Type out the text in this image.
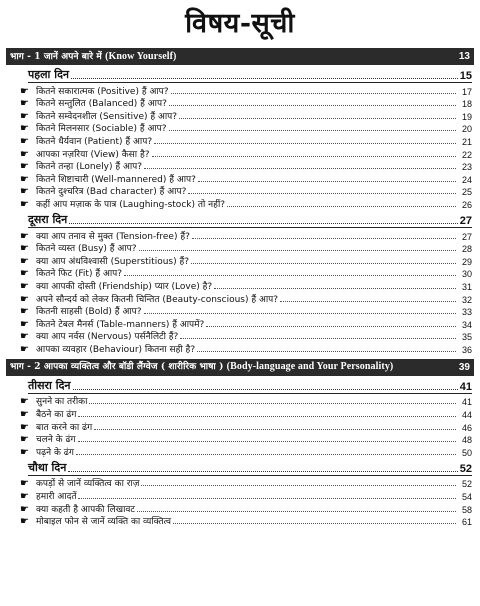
विषय-सूची
भाग - 1 जानें अपने बारे में (Know Yourself)	13
पहला दिन	15
☛ कितने सकारात्मक (Positive) हैं आप?	17
☛ कितने सन्तुलित (Balanced) हैं आप?	18
☛ कितने सम्वेदनशील (Sensitive) हैं आप?	19
☛ कितने मिलनसार (Sociable) हैं आप?	20
☛ कितने धैर्यवान (Patient) हैं आप?	21
☛ आपका नज़रिया (View) कैसा है?	22
☛ कितने तन्हा (Lonely) हैं आप?	23
☛ कितने शिष्टाचारी (Well-mannered) हैं आप?	24
☛ कितने दुश्चरित्र (Bad character) हैं आप?	25
☛ कहीं आप मज़ाक के पात्र (Laughing-stock) तो नहीं?	26
दूसरा दिन	27
☛ क्या आप तनाव से मुक्त (Tension-free) हैं?	27
☛ कितने व्यस्त (Busy) हैं आप?	28
☛ क्या आप अंधविश्वासी (Superstitious) हैं?	29
☛ कितने फिट (Fit) हैं आप?	30
☛ क्या आपकी दोस्ती (Friendship) प्यार (Love) है?	31
☛ अपने सौन्दर्य को लेकर कितनी चिन्तित (Beauty-conscious) हैं आप?	32
☛ कितनी साहसी (Bold) हैं आप?	33
☛ कितने टेबल मैनर्स (Table-manners) हैं आपमें?	34
☛ क्या आप नर्वस (Nervous) पर्सनैलिटी हैं?	35
☛ आपका व्यवहार (Behaviour) कितना सही है?	36
भाग - 2 आपका व्यक्तित्व और बॉडी लैंग्वेज ( शारीरिक भाषा ) (Body-language and Your Personality)	39
तीसरा दिन	41
☛ सुनने का तरीका	41
☛ बैठने का ढंग	44
☛ बात करने का ढंग	46
☛ चलने के ढंग	48
☛ पढ़ने के ढंग	50
चौथा दिन	52
☛ कपड़ों से जानें व्यक्तित्व का राज़	52
☛ हमारी आदतें	54
☛ क्या कहती है आपकी लिखावट	58
☛ मोबाइल फोन से जानें व्यक्ति का व्यक्तित्व	61
